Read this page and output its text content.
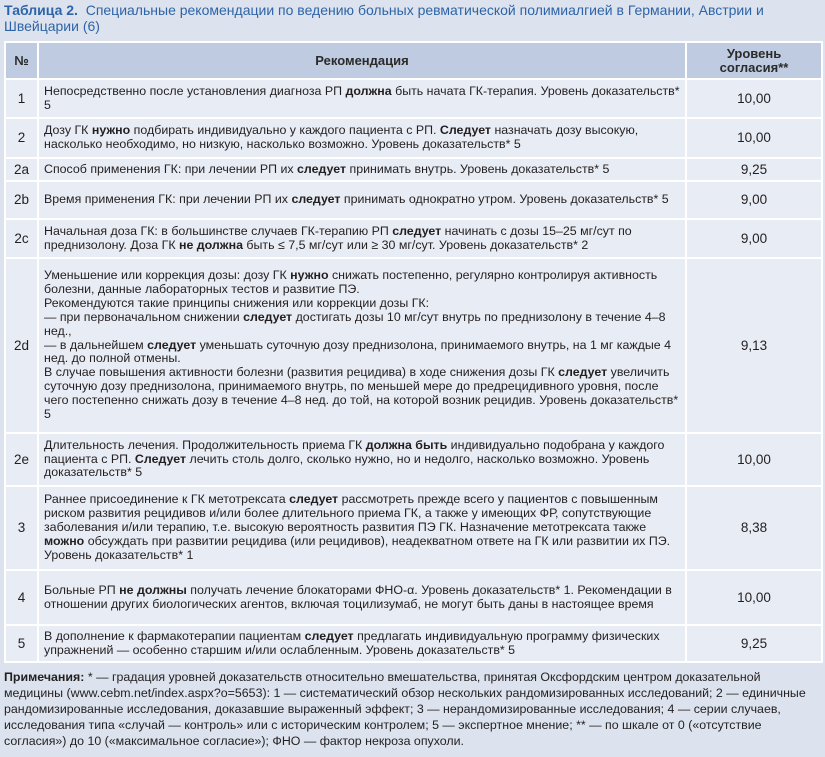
Таблица 2. Специальные рекомендации по ведению больных ревматической полимиалгией в Германии, Австрии и Швейцарии (6)
№	Рекомендация	Уровень согласия**
1	Непосредственно после установления диагноза РП должна быть начата ГК-терапия. Уровень доказательств* 5	10,00
2	Дозу ГК нужно подбирать индивидуально у каждого пациента с РП. Следует назначать дозу высокую, насколько необходимо, но низкую, насколько возможно. Уровень доказательств* 5	10,00
2a	Способ применения ГК: при лечении РП их следует принимать внутрь. Уровень доказательств* 5	9,25
2b	Время применения ГК: при лечении РП их следует принимать однократно утром. Уровень доказательств* 5	9,00
2c	Начальная доза ГК: в большинстве случаев ГК-терапию РП следует начинать с дозы 15–25 мг/сут по преднизолону. Доза ГК не должна быть ≤ 7,5 мг/сут или ≥ 30 мг/сут. Уровень доказательств* 2	9,00
2d	Уменьшение или коррекция дозы: дозу ГК нужно снижать постепенно, регулярно контролируя активность болезни, данные лабораторных тестов и развитие ПЭ.
Рекомендуются такие принципы снижения или коррекции дозы ГК:
— при первоначальном снижении следует достигать дозы 10 мг/сут внутрь по преднизолону в течение 4–8 нед.,
— в дальнейшем следует уменьшать суточную дозу преднизолона, принимаемого внутрь, на 1 мг каждые 4 нед. до полной отмены.
В случае повышения активности болезни (развития рецидива) в ходе снижения дозы ГК следует увеличить суточную дозу преднизолона, принимаемого внутрь, по меньшей мере до предрецидивного уровня, после чего постепенно снижать дозу в течение 4–8 нед. до той, на которой возник рецидив. Уровень доказательств* 5	9,13
2e	Длительность лечения. Продолжительность приема ГК должна быть индивидуально подобрана у каждого пациента с РП. Следует лечить столь долго, сколько нужно, но и недолго, насколько возможно. Уровень доказательств* 5	10,00
3	Раннее присоединение к ГК метотрексата следует рассмотреть прежде всего у пациентов с повышенным риском развития рецидивов и/или более длительного приема ГК, а также у имеющих ФР, сопутствующие заболевания и/или терапию, т.е. высокую вероятность развития ПЭ ГК. Назначение метотрексата также можно обсуждать при развитии рецидива (или рецидивов), неадекватном ответе на ГК или развитии их ПЭ. Уровень доказательств* 1	8,38
4	Больные РП не должны получать лечение блокаторами ФНО-α. Уровень доказательств* 1. Рекомендации в отношении других биологических агентов, включая тоцилизумаб, не могут быть даны в настоящее время	10,00
5	В дополнение к фармакотерапии пациентам следует предлагать индивидуальную программу физических упражнений — особенно старшим и/или ослабленным. Уровень доказательств* 5	9,25
Примечания: * — градация уровней доказательств относительно вмешательства, принятая Оксфордским центром доказательной медицины (www.cebm.net/index.aspx?o=5653): 1 — систематический обзор нескольких рандомизированных исследований; 2 — единичные рандомизированные исследования, доказавшие выраженный эффект; 3 — нерандомизированные исследования; 4 — серии случаев, исследования типа «случай — контроль» или с историческим контролем; 5 — экспертное мнение; ** — по шкале от 0 («отсутствие согласия») до 10 («максимальное согласие»); ФНО — фактор некроза опухоли.
